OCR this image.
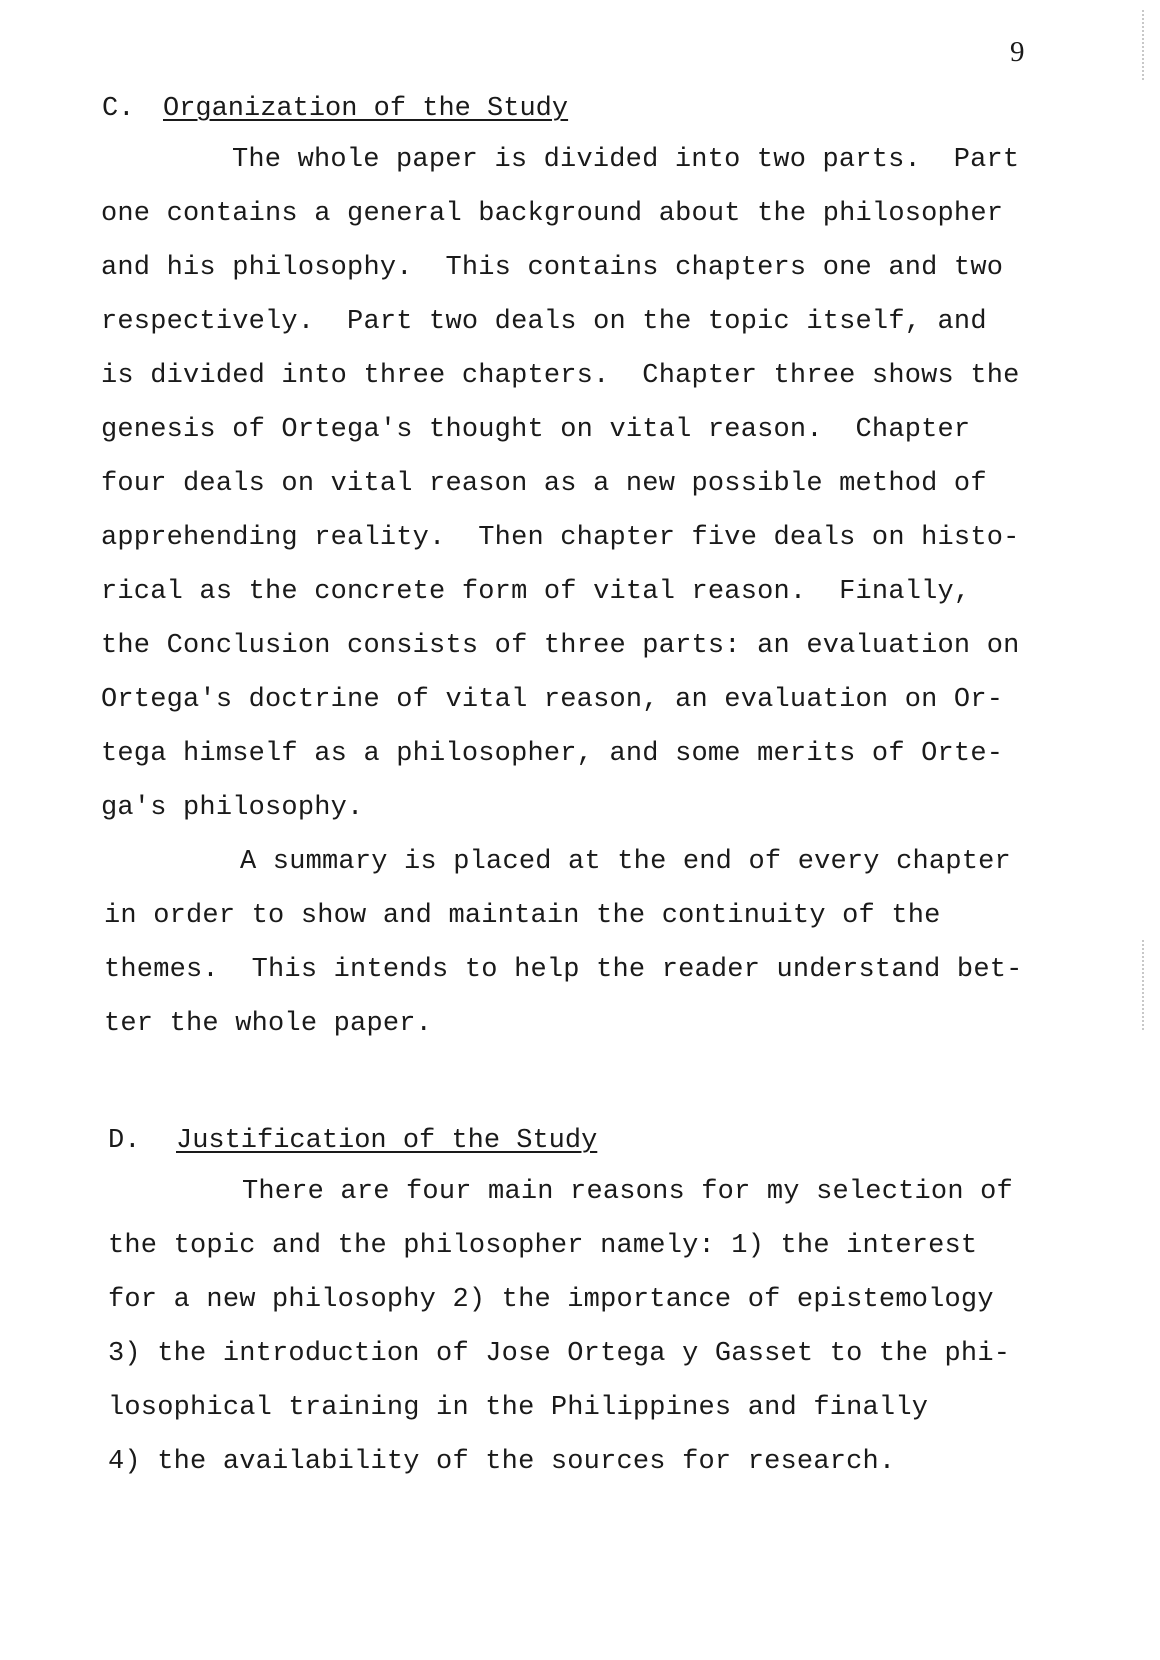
9
C. Organization of the Study
The whole paper is divided into two parts.  Part
one contains a general background about the philosopher
and his philosophy.  This contains chapters one and two
respectively.  Part two deals on the topic itself, and
is divided into three chapters.  Chapter three shows the
genesis of Ortega's thought on vital reason.  Chapter
four deals on vital reason as a new possible method of
apprehending reality.  Then chapter five deals on histo-
rical as the concrete form of vital reason.  Finally,
the Conclusion consists of three parts: an evaluation on
Ortega's doctrine of vital reason, an evaluation on Or-
tega himself as a philosopher, and some merits of Orte-
ga's philosophy.
A summary is placed at the end of every chapter
in order to show and maintain the continuity of the
themes.  This intends to help the reader understand bet-
ter the whole paper.
D. Justification of the Study
There are four main reasons for my selection of
the topic and the philosopher namely: 1) the interest
for a new philosophy 2) the importance of epistemology
3) the introduction of Jose Ortega y Gasset to the phi-
losophical training in the Philippines and finally
4) the availability of the sources for research.
